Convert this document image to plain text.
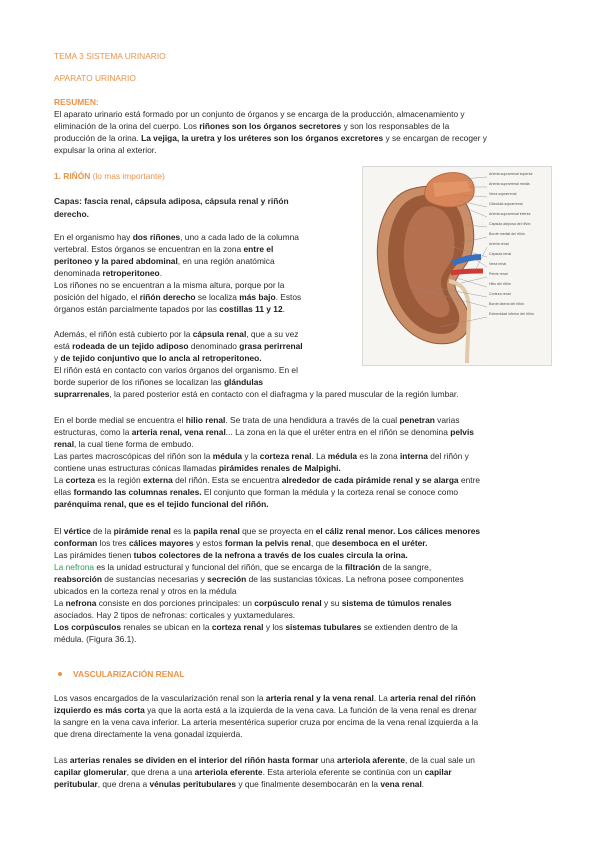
TEMA 3 SISTEMA URINARIO
APARATO URINARIO
RESUMEN:
El aparato urinario está formado por un conjunto de órganos y se encarga de la producción, almacenamiento y
eliminación de la orina del cuerpo. Los riñones son los órganos secretores y son los responsables de la
producción de la orina. La vejiga, la uretra y los uréteres son los órganos excretores y se encargan de recoger y
expulsar la orina al exterior.
1. RIÑÓN (lo mas importante)
Capas: fascia renal, cápsula adiposa, cápsula renal y riñón
derecho.
En el organismo hay dos riñones, uno a cada lado de la columna
vertebral. Estos órganos se encuentran en la zona entre el
peritoneo y la pared abdominal, en una región anatómica
denominada retroperitoneo.
Los riñones no se encuentran a la misma altura, porque por la
posición del hígado, el riñón derecho se localiza más bajo. Estos
órganos están parcialmente tapados por las costillas 11 y 12.
Además, el riñón está cubierto por la cápsula renal, que a su vez
está rodeada de un tejido adiposo denominado grasa perirrenal
y de tejido conjuntivo que lo ancla al retroperitoneo.
El riñón está en contacto con varios órganos del organismo. En el
borde superior de los riñones se localizan las glándulas
suprarrenales, la pared posterior está en contacto con el diafragma y la pared muscular de la región lumbar.
Arteria suprarrenal superior
Arteria suprarrenal media
Vena suprarrenal
Glándula suprarrenal
Arteria suprarrenal inferior
Cápsula adiposa del riñón
Borde medial del riñón
Arteria renal
Cápsula renal
Vena renal
Pelvis renal
Hilio del riñón
Corteza renal
Borde lateral del riñón
Extremidad inferior del riñón
En el borde medial se encuentra el hilio renal. Se trata de una hendidura a través de la cual penetran varias
estructuras, como la arteria renal, vena renal... La zona en la que el uréter entra en el riñón se denomina pelvis
renal, la cual tiene forma de embudo.
Las partes macroscópicas del riñón son la médula y la corteza renal. La médula es la zona interna del riñón y
contiene unas estructuras cónicas llamadas pirámides renales de Malpighi.
La corteza es la región externa del riñón. Esta se encuentra alrededor de cada pirámide renal y se alarga entre
ellas formando las columnas renales. El conjunto que forman la médula y la corteza renal se conoce como
parénquima renal, que es el tejido funcional del riñón.
El vértice de la pirámide renal es la papila renal que se proyecta en el cáliz renal menor. Los cálices menores
conforman los tres cálices mayores y estos forman la pelvis renal, que desemboca en el uréter.
Las pirámides tienen tubos colectores de la nefrona a través de los cuales circula la orina.
La nefrona es la unidad estructural y funcional del riñón, que se encarga de la filtración de la sangre,
reabsorción de sustancias necesarias y secreción de las sustancias tóxicas. La nefrona posee componentes
ubicados en la corteza renal y otros en la médula
La nefrona consiste en dos porciones principales: un corpúsculo renal y su sistema de túmulos renales
asociados. Hay 2 tipos de nefronas: corticales y yuxtamedulares.
Los corpúsculos renales se ubican en la corteza renal y los sistemas tubulares se extienden dentro de la
médula. (Figura 36.1).
VASCULARIZACIÓN RENAL
Los vasos encargados de la vascularización renal son la arteria renal y la vena renal. La arteria renal del riñón
izquierdo es más corta ya que la aorta está a la izquierda de la vena cava. La función de la vena renal es drenar
la sangre en la vena cava inferior. La arteria mesentérica superior cruza por encima de la vena renal izquierda a la
que drena directamente la vena gonadal izquierda.
Las arterias renales se dividen en el interior del riñón hasta formar una arteriola aferente, de la cual sale un
capilar glomerular, que drena a una arteriola eferente. Esta arteriola eferente se continúa con un capilar
peritubular, que drena a vénulas peritubulares y que finalmente desembocarán en la vena renal.
